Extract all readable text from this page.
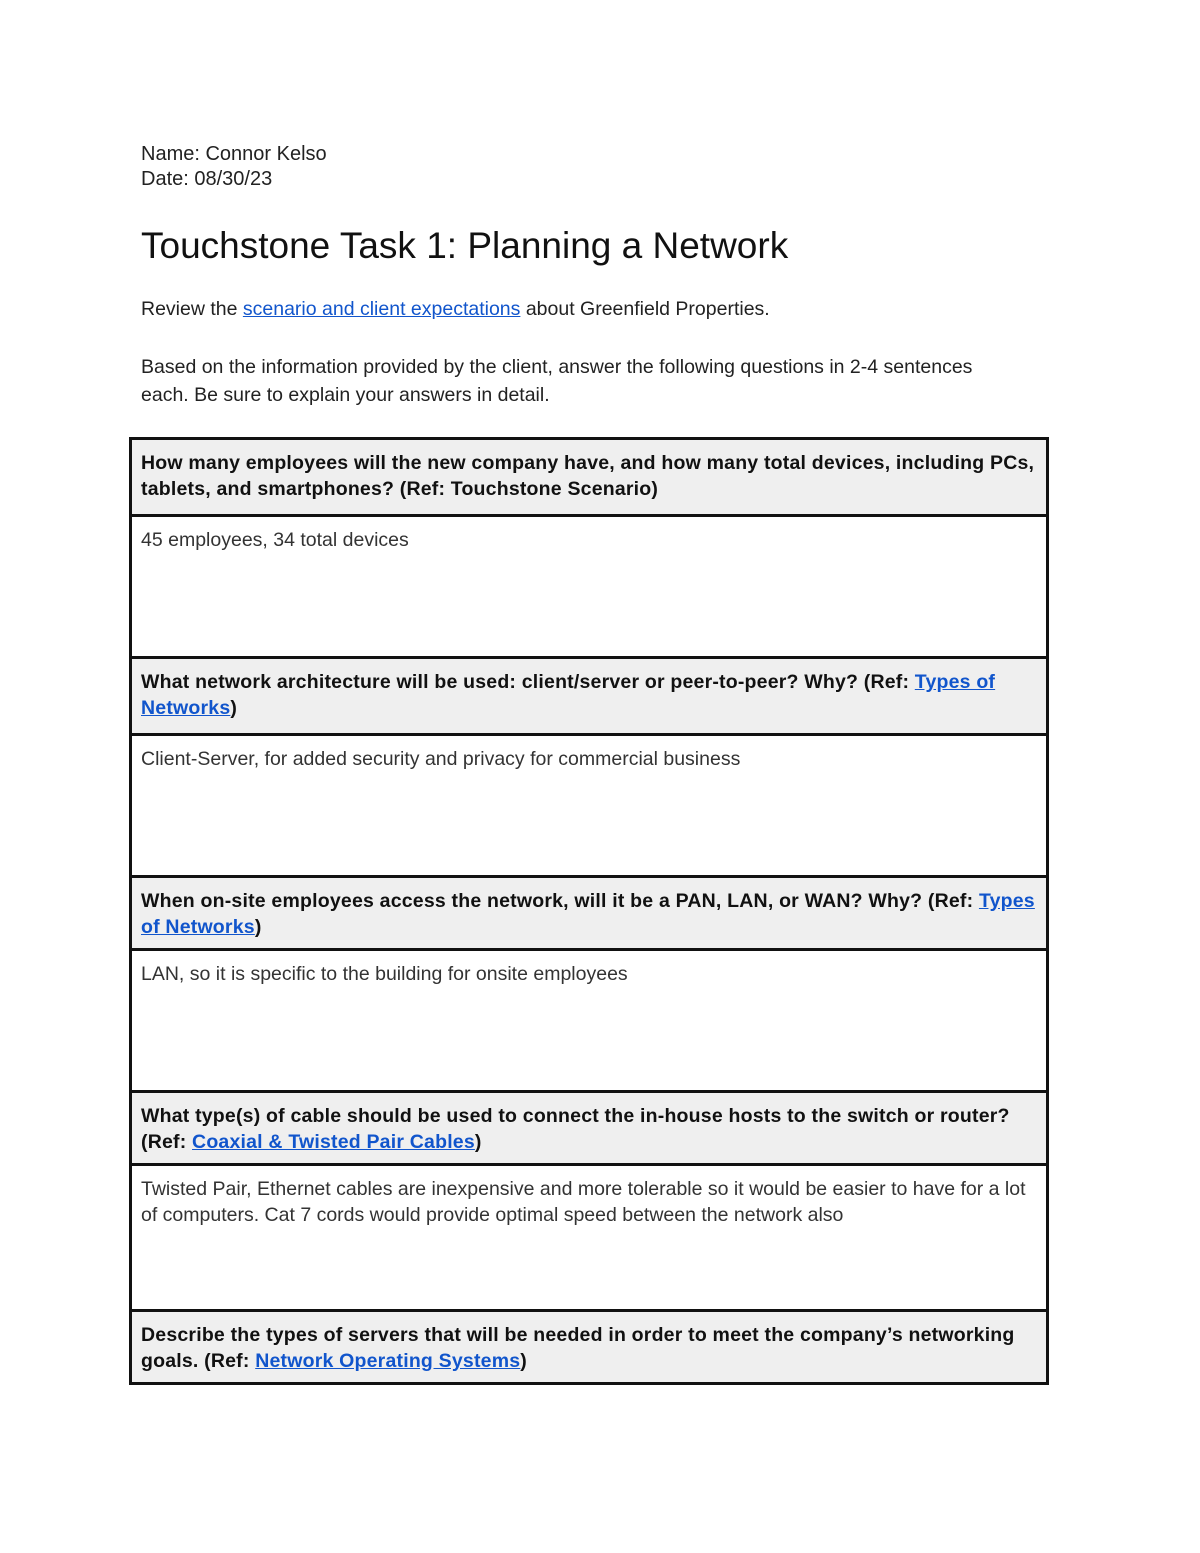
Name: Connor Kelso
Date: 08/30/23
Touchstone Task 1: Planning a Network

Review the scenario and client expectations about Greenfield Properties.

Based on the information provided by the client, answer the following questions in 2-4 sentences each. Be sure to explain your answers in detail.

How many employees will the new company have, and how many total devices, including PCs, tablets, and smartphones? (Ref: Touchstone Scenario)
45 employees, 34 total devices
What network architecture will be used: client/server or peer-to-peer? Why? (Ref: Types of Networks)
Client-Server, for added security and privacy for commercial business
When on-site employees access the network, will it be a PAN, LAN, or WAN? Why? (Ref: Types of Networks)
LAN, so it is specific to the building for onsite employees
What type(s) of cable should be used to connect the in-house hosts to the switch or router? (Ref: Coaxial & Twisted Pair Cables)
Twisted Pair, Ethernet cables are inexpensive and more tolerable so it would be easier to have for a lot of computers. Cat 7 cords would provide optimal speed between the network also
Describe the types of servers that will be needed in order to meet the company’s networking goals. (Ref: Network Operating Systems)
